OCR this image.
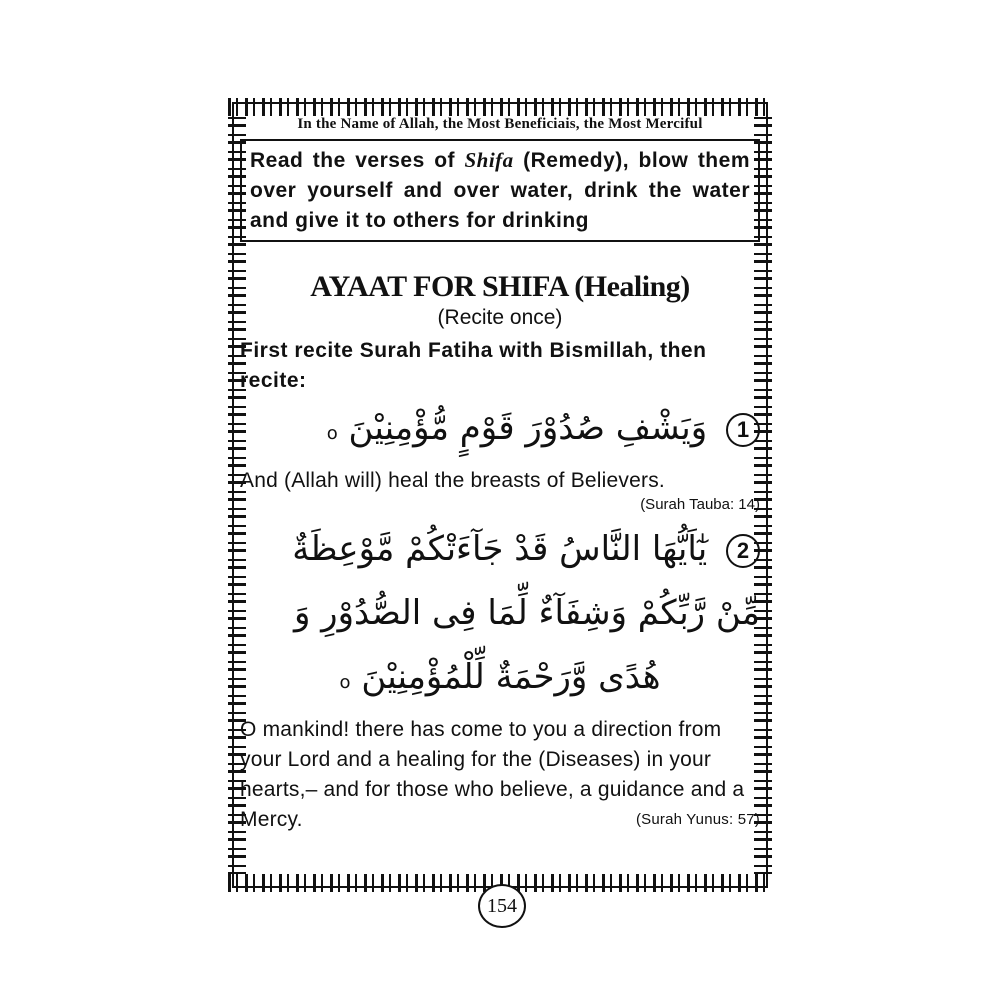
In the Name of Allah, the Most Beneficiais, the Most Merciful
Read the verses of Shifa (Remedy), blow them over yourself and over water, drink the water and give it to others for drinking
AYAAT FOR SHIFA (Healing)
(Recite once)
First recite Surah Fatiha with Bismillah, then recite:
1 وَيَشْفِ صُدُوْرَ قَوْمٍ مُّؤْمِنِيْنَ o
And (Allah will) heal the breasts of Believers.
(Surah Tauba: 14)
2 يٰٓاَيُّهَا النَّاسُ قَدْ جَآءَتْكُمْ مَّوْعِظَةٌ
مِّنْ رَّبِّكُمْ وَشِفَآءٌ لِّمَا فِى الصُّدُوْرِ وَ
هُدًى وَّرَحْمَةٌ لِّلْمُؤْمِنِيْنَ o
O mankind! there has come to you a direction from your Lord and a healing for the (Diseases) in your hearts,– and for those who believe, a guidance and a Mercy.	(Surah Yunus: 57)
154
